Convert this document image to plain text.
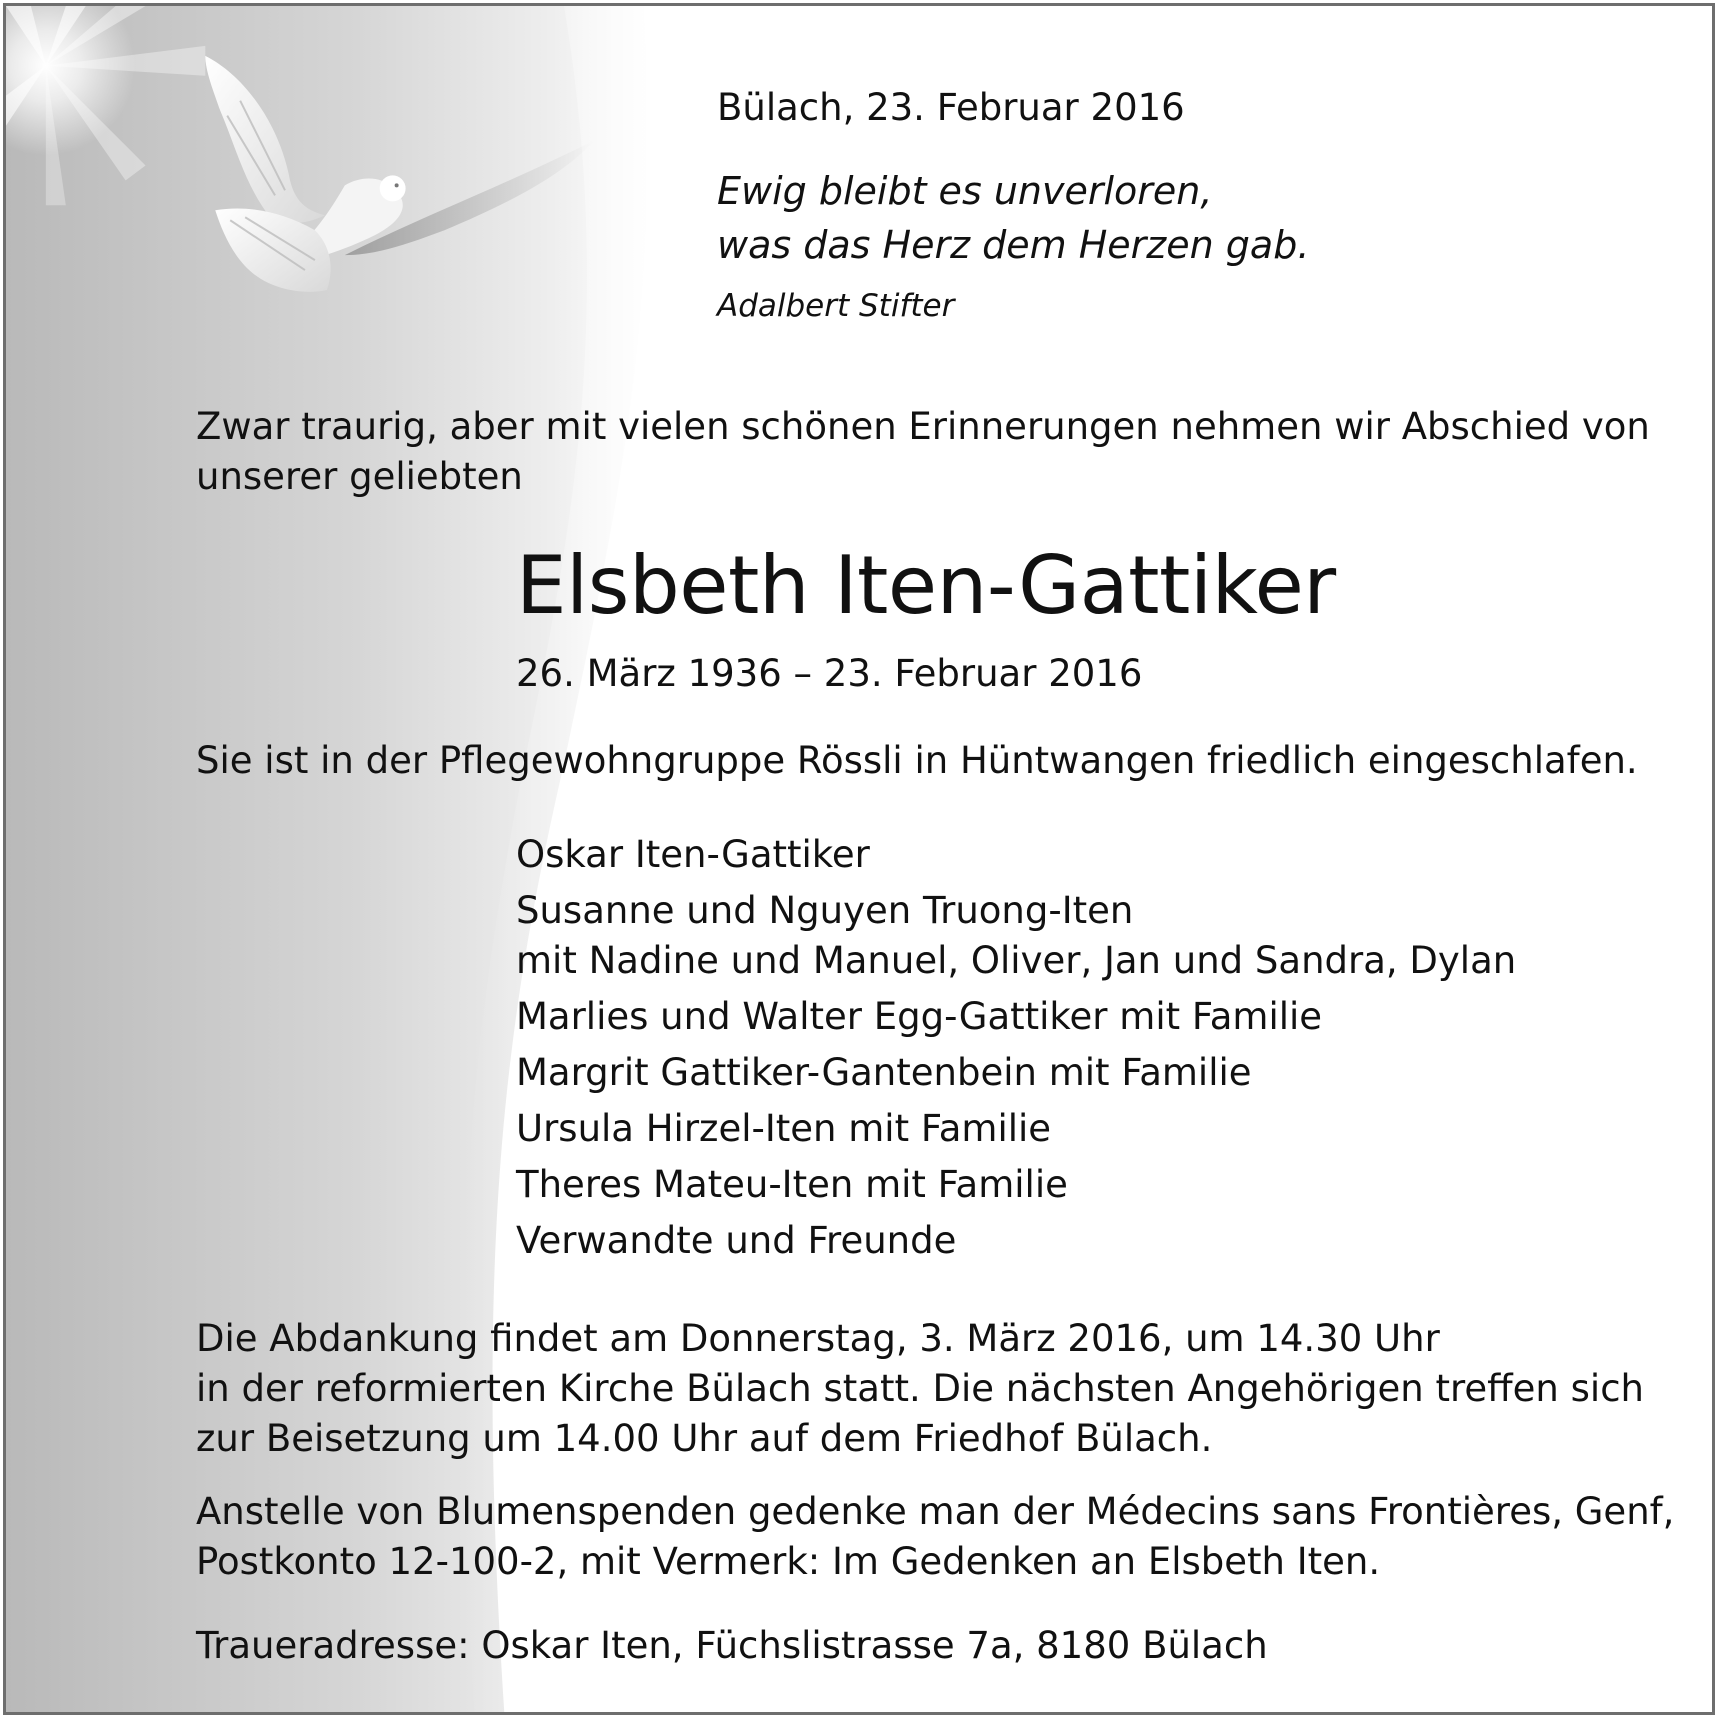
Bülach, 23. Februar 2016
Ewig bleibt es unverloren,
was das Herz dem Herzen gab.
Adalbert Stifter
Zwar traurig, aber mit vielen schönen Erinnerungen nehmen wir Abschied von
unserer geliebten
Elsbeth Iten-Gattiker
26. März 1936 – 23. Februar 2016
Sie ist in der Pflegewohngruppe Rössli in Hüntwangen friedlich eingeschlafen.
Oskar Iten-Gattiker
Susanne und Nguyen Truong-Iten
mit Nadine und Manuel, Oliver, Jan und Sandra, Dylan
Marlies und Walter Egg-Gattiker mit Familie
Margrit Gattiker-Gantenbein mit Familie
Ursula Hirzel-Iten mit Familie
Theres Mateu-Iten mit Familie
Verwandte und Freunde
Die Abdankung findet am Donnerstag, 3. März 2016, um 14.30 Uhr
in der reformierten Kirche Bülach statt. Die nächsten Angehörigen treffen sich
zur Beisetzung um 14.00 Uhr auf dem Friedhof Bülach.
Anstelle von Blumenspenden gedenke man der Médecins sans Frontières, Genf,
Postkonto 12-100-2, mit Vermerk: Im Gedenken an Elsbeth Iten.
Traueradresse: Oskar Iten, Füchslistrasse 7a, 8180 Bülach
